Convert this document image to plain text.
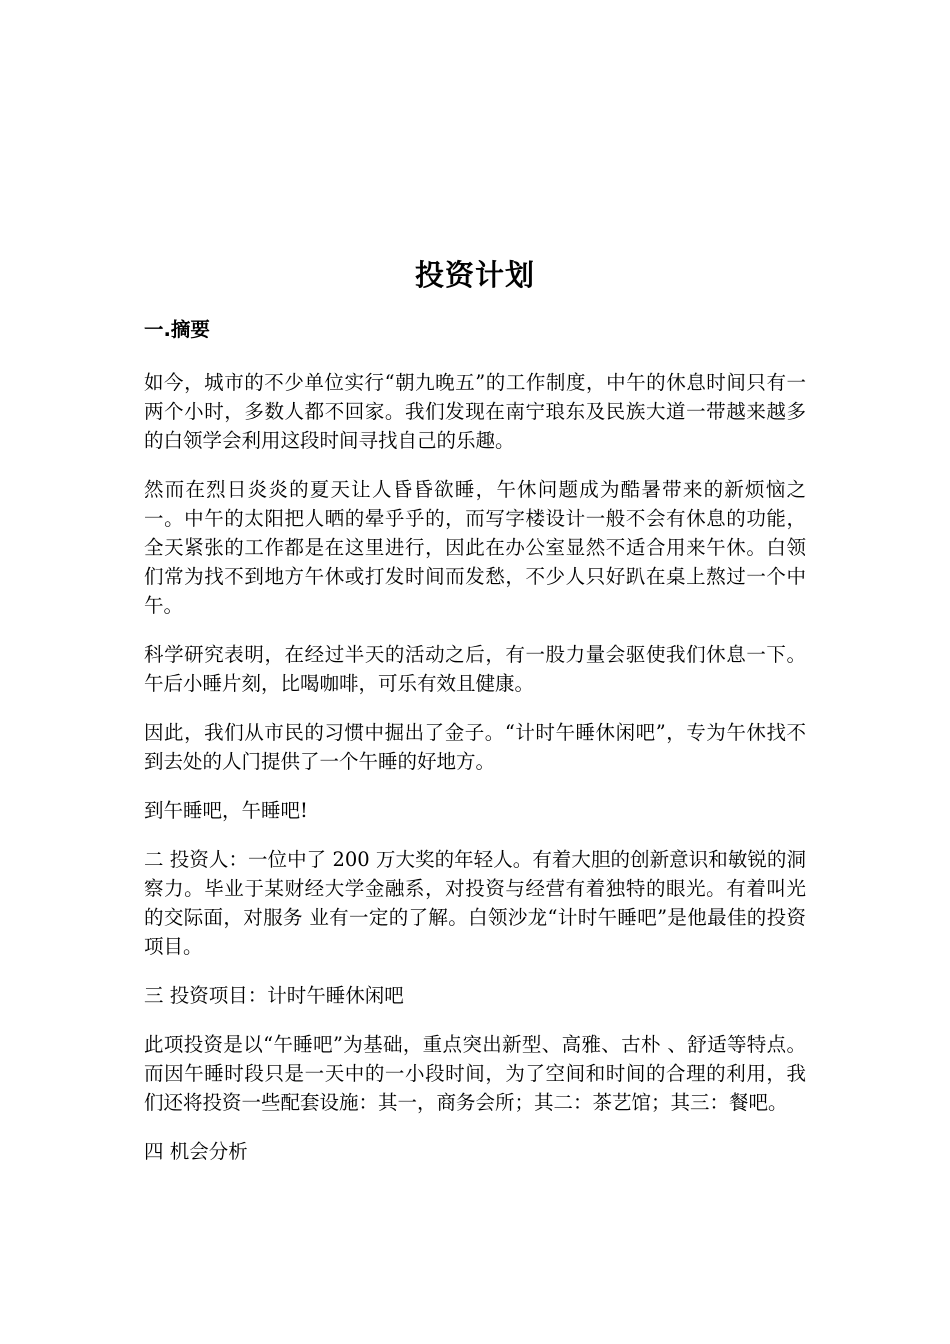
投资计划
一.摘要

如今，城市的不少单位实行“朝九晚五”的工作制度，中午的休息时间只有一两个小时，多数人都不回家。我们发现在南宁琅东及民族大道一带越来越多的白领学会利用这段时间寻找自己的乐趣。

然而在烈日炎炎的夏天让人昏昏欲睡，午休问题成为酷暑带来的新烦恼之一。中午的太阳把人晒的晕乎乎的，而写字楼设计一般不会有休息的功能，全天紧张的工作都是在这里进行，因此在办公室显然不适合用来午休。白领们常为找不到地方午休或打发时间而发愁，不少人只好趴在桌上熬过一个中午。

科学研究表明，在经过半天的活动之后，有一股力量会驱使我们休息一下。午后小睡片刻，比喝咖啡，可乐有效且健康。

因此，我们从市民的习惯中掘出了金子。“计时午睡休闲吧”，专为午休找不到去处的人门提供了一个午睡的好地方。

到午睡吧，午睡吧!

二 投资人：一位中了 200 万大奖的年轻人。有着大胆的创新意识和敏锐的洞察力。毕业于某财经大学金融系，对投资与经营有着独特的眼光。有着叫光的交际面，对服务 业有一定的了解。白领沙龙“计时午睡吧”是他最佳的投资项目。

三 投资项目：计时午睡休闲吧

此项投资是以“午睡吧”为基础，重点突出新型、高雅、古朴 、舒适等特点。而因午睡时段只是一天中的一小段时间，为了空间和时间的合理的利用，我们还将投资一些配套设施：其一，商务会所；其二：茶艺馆；其三：餐吧。

四 机会分析
